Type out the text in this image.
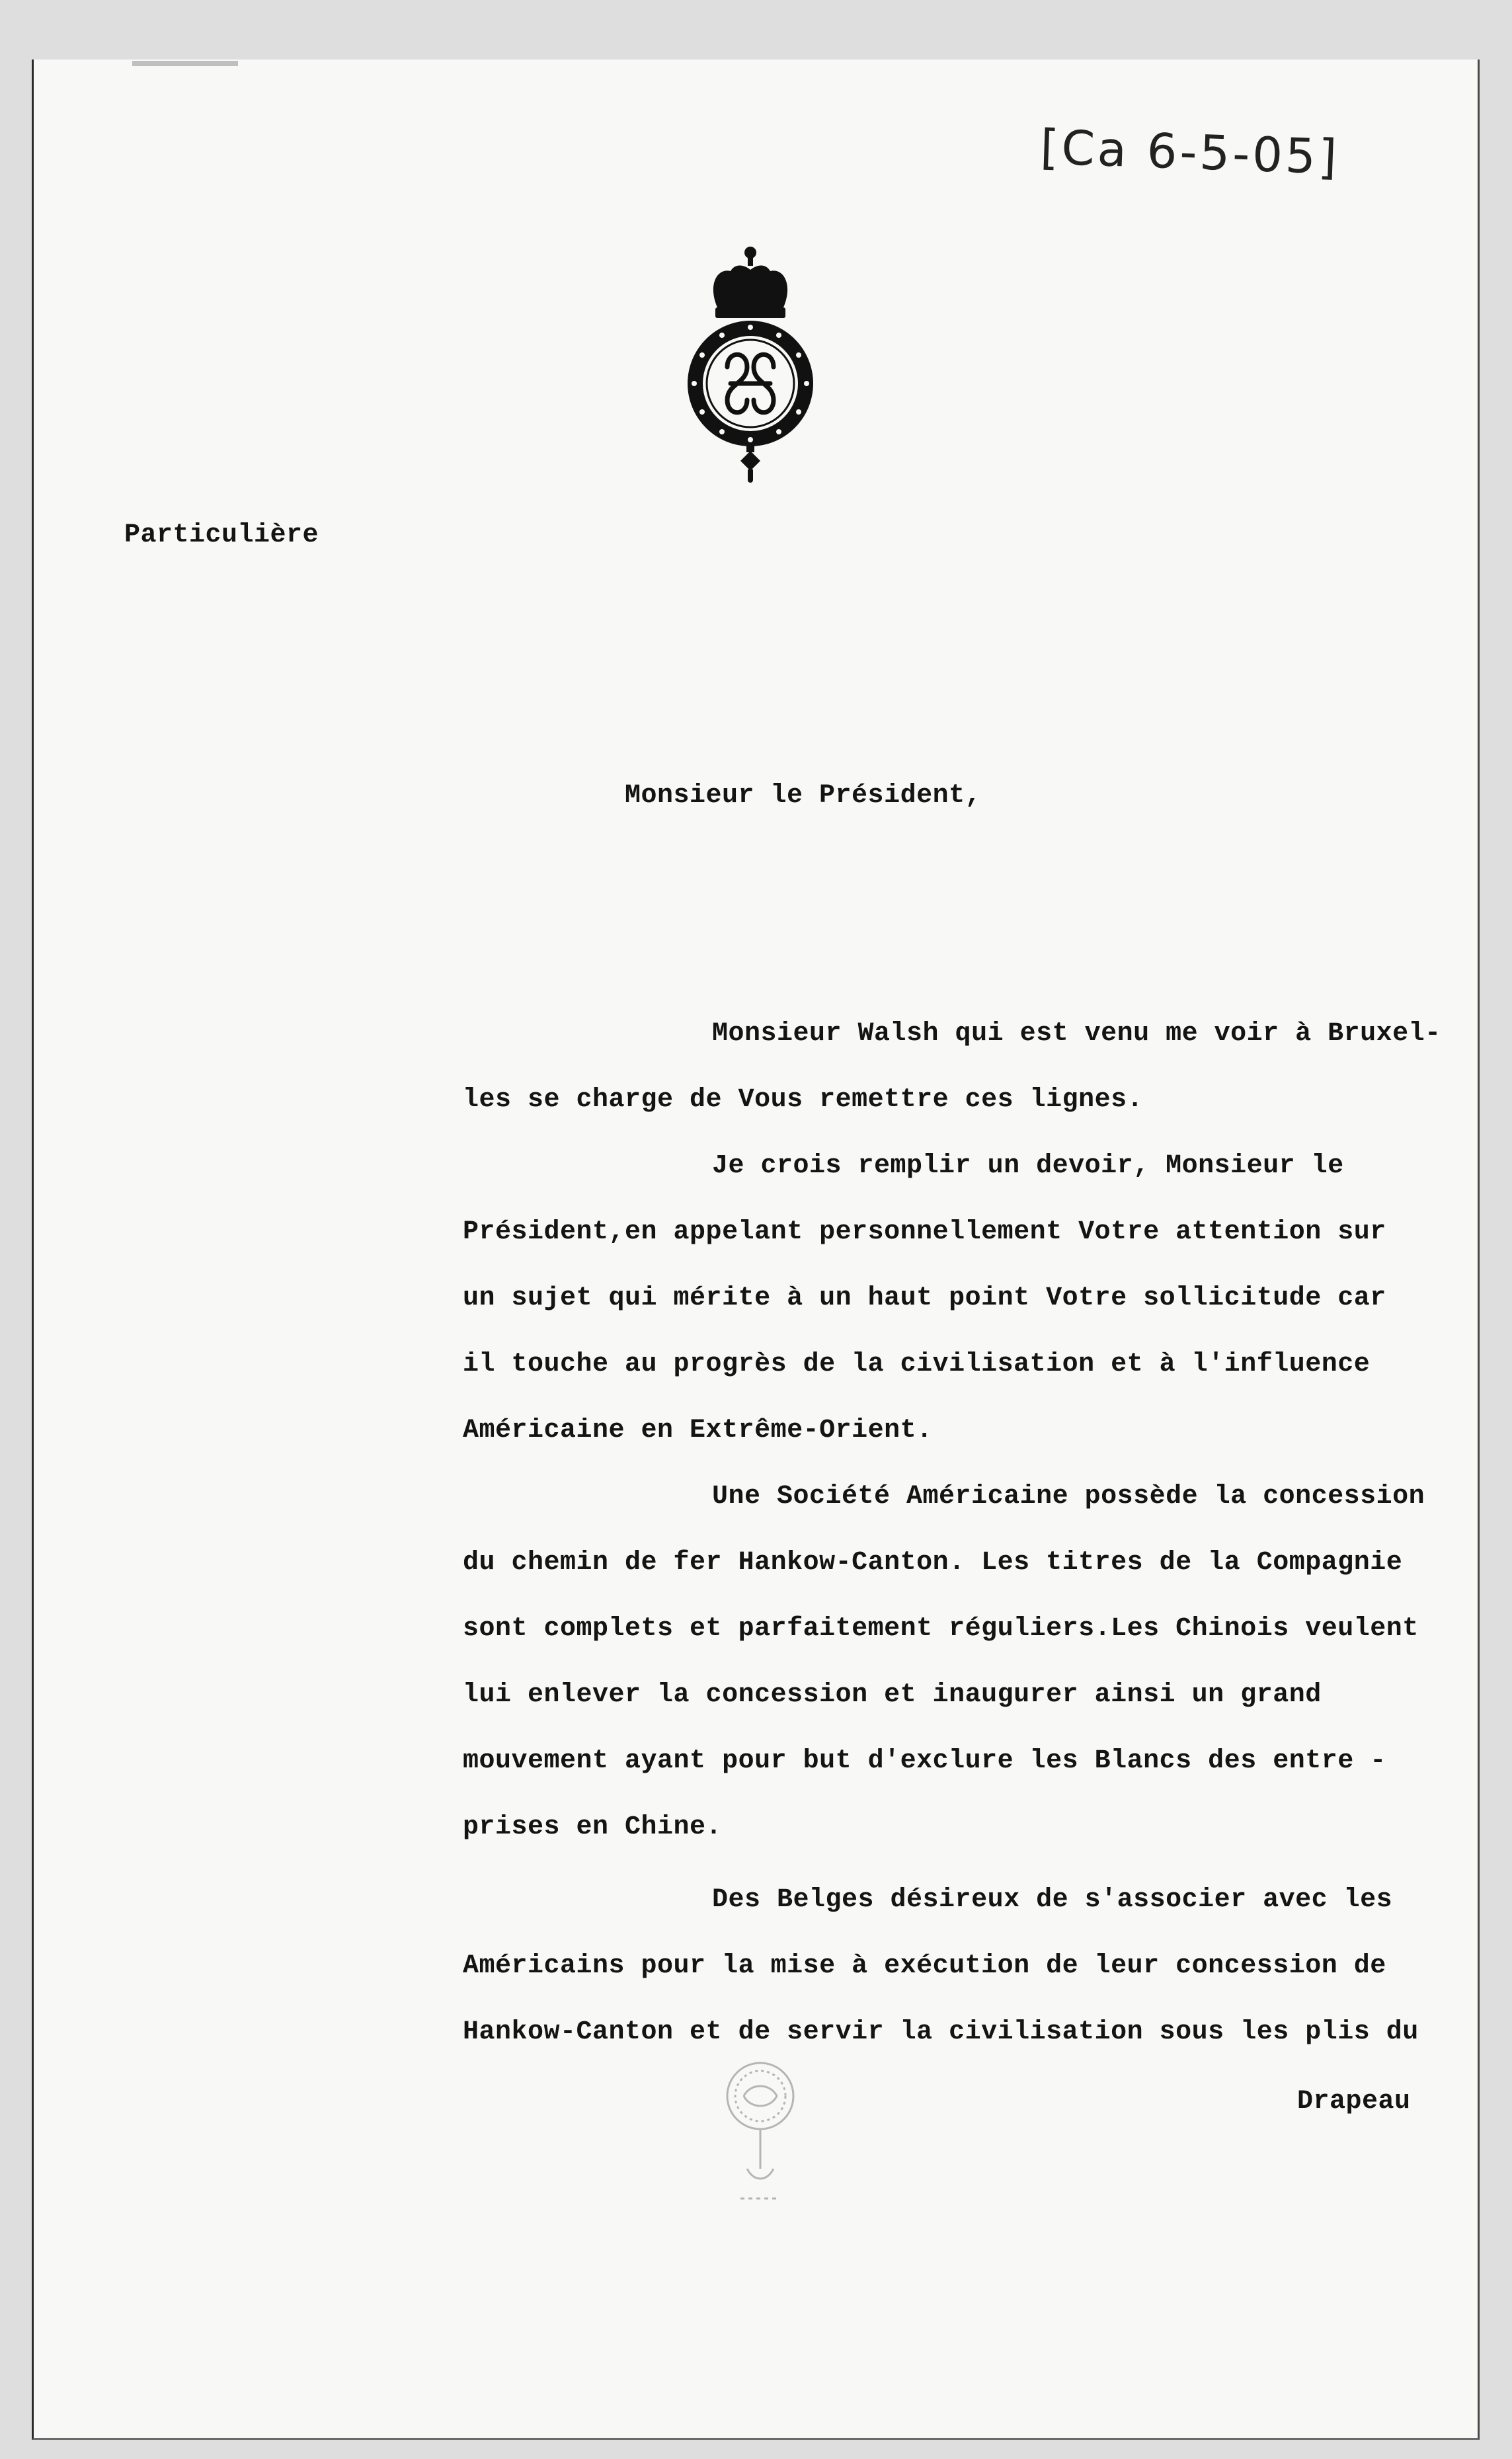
[Ca 6-5-05]
Particulière
Monsieur le Président,
Monsieur Walsh qui est venu me voir à Bruxel-
les se charge de Vous remettre ces lignes.
Je crois remplir un devoir, Monsieur le
Président,en appelant personnellement Votre attention sur
un sujet qui mérite à un haut point Votre sollicitude car
il touche au progrès de la civilisation et à l'influence
Américaine en Extrême-Orient.
Une Société Américaine possède la concession
du chemin de fer Hankow-Canton. Les titres de la Compagnie
sont complets et parfaitement réguliers.Les Chinois veulent
lui enlever la concession et inaugurer ainsi un grand
mouvement ayant pour but d'exclure les Blancs des entre -
prises en Chine.
Des Belges désireux de s'associer avec les
Américains pour la mise à exécution de leur concession de
Hankow-Canton et de servir la civilisation sous les plis du
Drapeau
